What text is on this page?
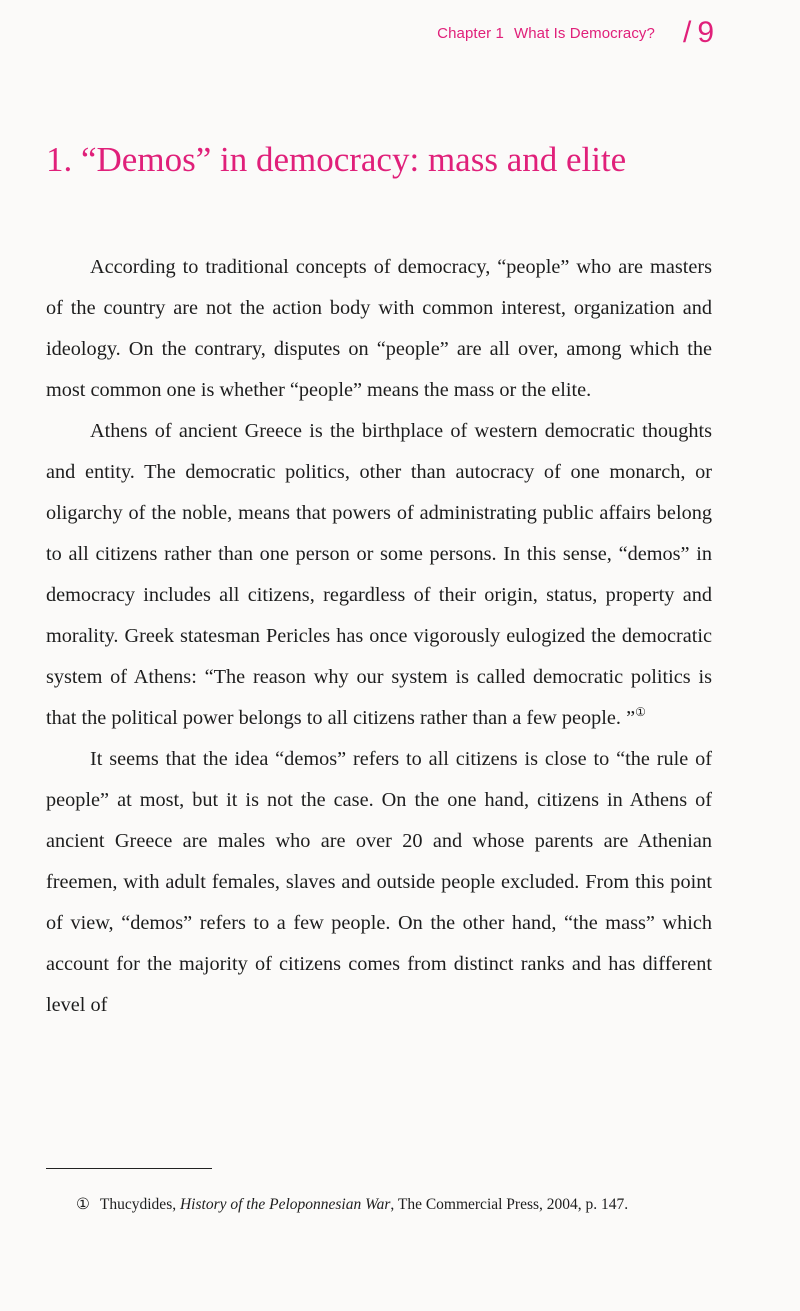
Chapter 1 What Is Democracy? / 9
1. “Demos” in democracy: mass and elite

According to traditional concepts of democracy, “people” who are masters of the country are not the action body with common interest, organization and ideology. On the contrary, disputes on “people” are all over, among which the most common one is whether “people” means the mass or the elite.

Athens of ancient Greece is the birthplace of western democratic thoughts and entity. The democratic politics, other than autocracy of one monarch, or oligarchy of the noble, means that powers of administrating public affairs belong to all citizens rather than one person or some persons. In this sense, “demos” in democracy includes all citizens, regardless of their origin, status, property and morality. Greek statesman Pericles has once vigorously eulogized the democratic system of Athens: “The reason why our system is called democratic politics is that the political power belongs to all citizens rather than a few people. ”①

It seems that the idea “demos” refers to all citizens is close to “the rule of people” at most, but it is not the case. On the one hand, citizens in Athens of ancient Greece are males who are over 20 and whose parents are Athenian freemen, with adult females, slaves and outside people excluded. From this point of view, “demos” refers to a few people. On the other hand, “the mass” which account for the majority of citizens comes from distinct ranks and has different level of

① Thucydides, History of the Peloponnesian War, The Commercial Press, 2004, p. 147.
